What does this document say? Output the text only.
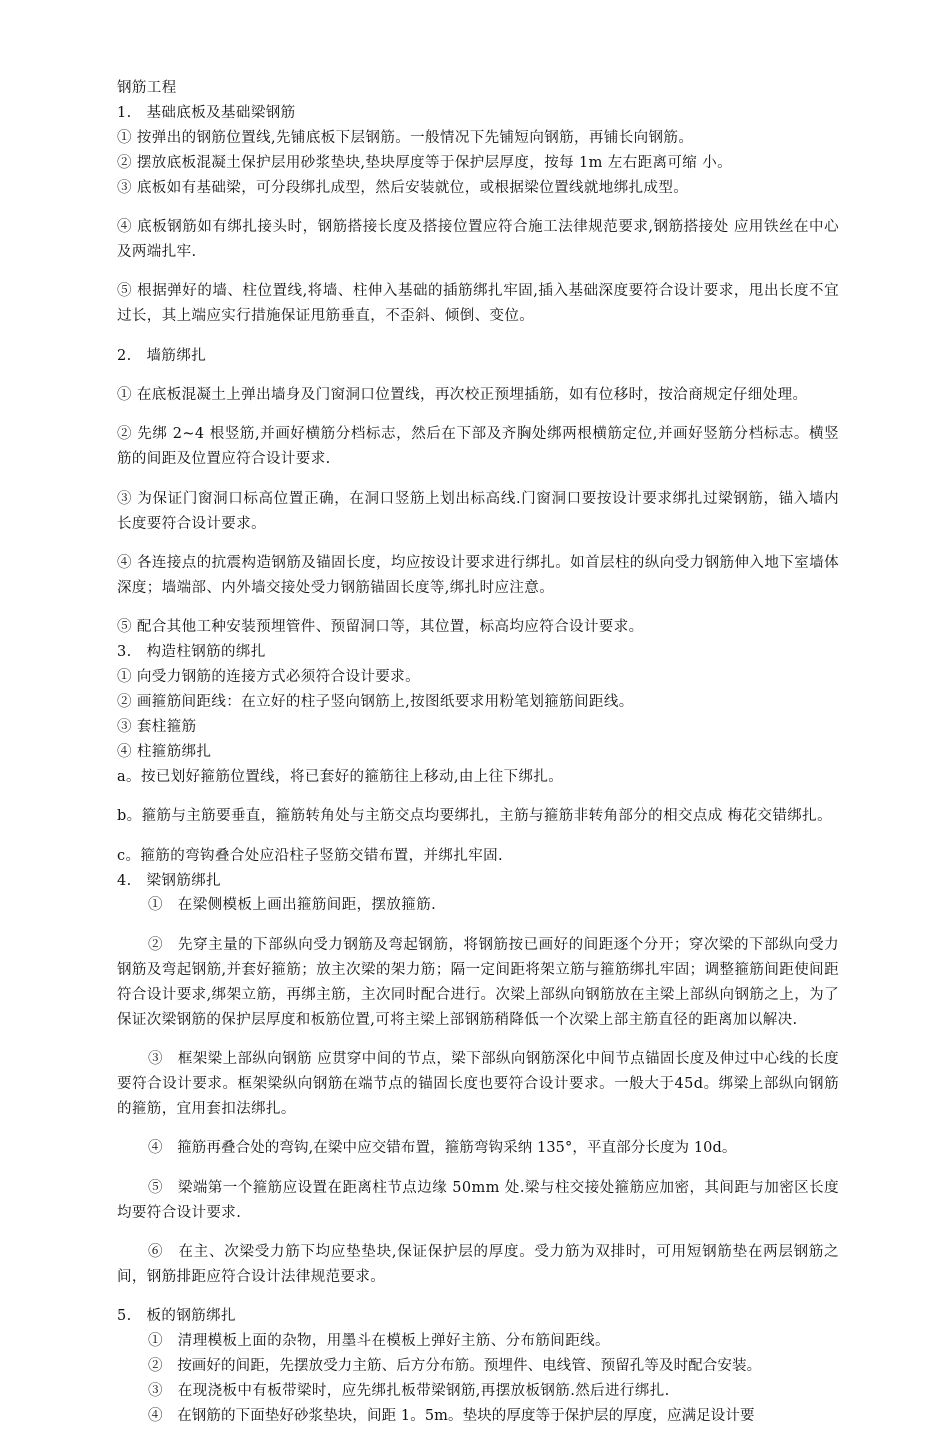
钢筋工程

1.　基础底板及基础梁钢筋

① 按弹出的钢筋位置线,先铺底板下层钢筋。一般情况下先铺短向钢筋，再铺长向钢筋。

② 摆放底板混凝土保护层用砂浆垫块,垫块厚度等于保护层厚度，按每 1m 左右距离可缩 小。

③ 底板如有基础梁，可分段绑扎成型，然后安装就位，或根据梁位置线就地绑扎成型。

④ 底板钢筋如有绑扎接头时，钢筋搭接长度及搭接位置应符合施工法律规范要求,钢筋搭接处 应用铁丝在中心及两端扎牢.

⑤ 根据弹好的墙、柱位置线,将墙、柱伸入基础的插筋绑扎牢固,插入基础深度要符合设计要求，甩出长度不宜过长，其上端应实行措施保证甩筋垂直，不歪斜、倾倒、变位。

2.　墙筋绑扎

① 在底板混凝土上弹出墙身及门窗洞口位置线，再次校正预埋插筋，如有位移时，按洽商规定仔细处理。

② 先绑 2~4 根竖筋,并画好横筋分档标志，然后在下部及齐胸处绑两根横筋定位,并画好竖筋分档标志。横竖筋的间距及位置应符合设计要求.

③ 为保证门窗洞口标高位置正确，在洞口竖筋上划出标高线.门窗洞口要按设计要求绑扎过梁钢筋，锚入墙内长度要符合设计要求。

④ 各连接点的抗震构造钢筋及锚固长度，均应按设计要求进行绑扎。如首层柱的纵向受力钢筋伸入地下室墙体深度；墙端部、内外墙交接处受力钢筋锚固长度等,绑扎时应注意。

⑤ 配合其他工种安装预埋管件、预留洞口等，其位置，标高均应符合设计要求。

3.　构造柱钢筋的绑扎

① 向受力钢筋的连接方式必须符合设计要求。

② 画箍筋间距线：在立好的柱子竖向钢筋上,按图纸要求用粉笔划箍筋间距线。

③ 套柱箍筋

④ 柱箍筋绑扎

a。按已划好箍筋位置线，将已套好的箍筋往上移动,由上往下绑扎。

b。箍筋与主筋要垂直，箍筋转角处与主筋交点均要绑扎，主筋与箍筋非转角部分的相交点成 梅花交错绑扎。

c。箍筋的弯钩叠合处应沿柱子竖筋交错布置，并绑扎牢固.

4.　梁钢筋绑扎

①　在梁侧模板上画出箍筋间距，摆放箍筋.

②　先穿主量的下部纵向受力钢筋及弯起钢筋，将钢筋按已画好的间距逐个分开；穿次梁的下部纵向受力钢筋及弯起钢筋,并套好箍筋；放主次梁的架力筋；隔一定间距将架立筋与箍筋绑扎牢固；调整箍筋间距使间距符合设计要求,绑架立筋，再绑主筋，主次同时配合进行。次梁上部纵向钢筋放在主梁上部纵向钢筋之上，为了保证次梁钢筋的保护层厚度和板筋位置,可将主梁上部钢筋稍降低一个次梁上部主筋直径的距离加以解决.

③　框架梁上部纵向钢筋 应贯穿中间的节点，梁下部纵向钢筋深化中间节点锚固长度及伸过中心线的长度要符合设计要求。框架梁纵向钢筋在端节点的锚固长度也要符合设计要求。一般大于45d。绑梁上部纵向钢筋的箍筋，宜用套扣法绑扎。

④　箍筋再叠合处的弯钩,在梁中应交错布置，箍筋弯钩采纳 135°，平直部分长度为 10d。

⑤　梁端第一个箍筋应设置在距离柱节点边缘 50mm 处.梁与柱交接处箍筋应加密，其间距与加密区长度均要符合设计要求.

⑥　在主、次梁受力筋下均应垫垫块,保证保护层的厚度。受力筋为双排时，可用短钢筋垫在两层钢筋之间，钢筋排距应符合设计法律规范要求。

5.　板的钢筋绑扎

①　清理模板上面的杂物，用墨斗在模板上弹好主筋、分布筋间距线。

②　按画好的间距，先摆放受力主筋、后方分布筋。预埋件、电线管、预留孔等及时配合安装。

③　在现浇板中有板带梁时，应先绑扎板带梁钢筋,再摆放板钢筋.然后进行绑扎.

④　在钢筋的下面垫好砂浆垫块，间距 1。5m。垫块的厚度等于保护层的厚度，应满足设计要
